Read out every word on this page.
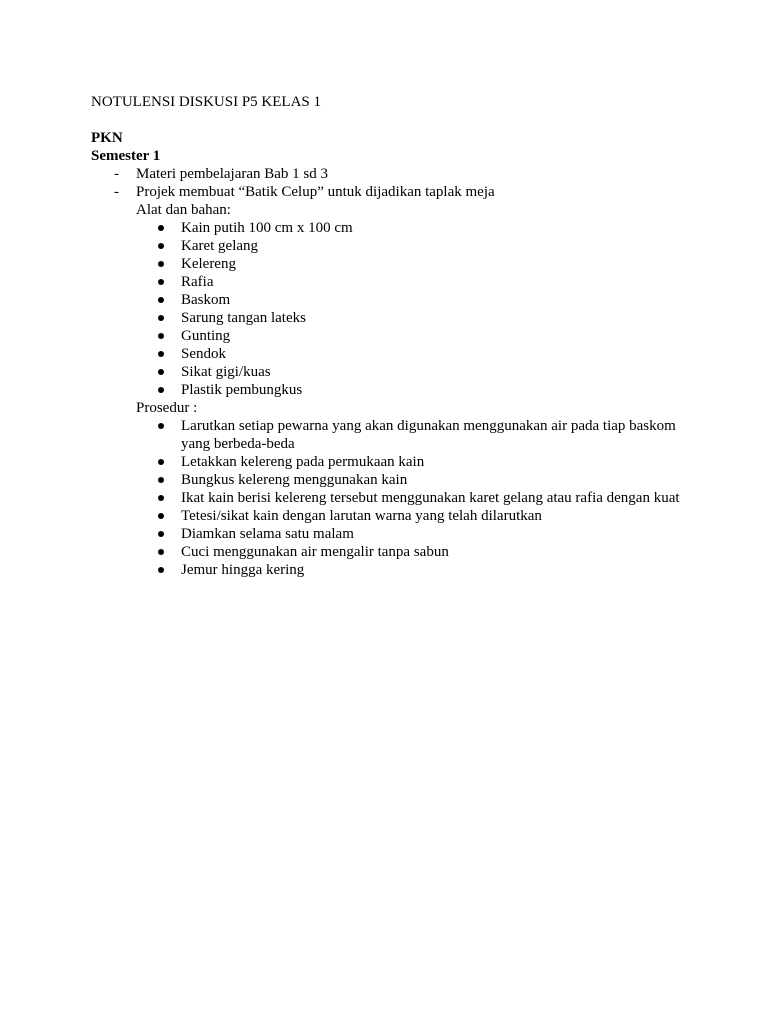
NOTULENSI DISKUSI P5 KELAS 1
PKN
Semester 1
- Materi pembelajaran Bab 1 sd 3
- Projek membuat “Batik Celup” untuk dijadikan taplak meja
Alat dan bahan:
Kain putih 100 cm x 100 cm
Karet gelang
Kelereng
Rafia
Baskom
Sarung tangan lateks
Gunting
Sendok
Sikat gigi/kuas
Plastik pembungkus
Prosedur :
Larutkan setiap pewarna yang akan digunakan menggunakan air pada tiap baskom yang berbeda-beda
Letakkan kelereng pada permukaan kain
Bungkus kelereng menggunakan kain
Ikat kain berisi kelereng tersebut menggunakan karet gelang atau rafia dengan kuat
Tetesi/sikat kain dengan larutan warna yang telah dilarutkan
Diamkan selama satu malam
Cuci menggunakan air mengalir tanpa sabun
Jemur hingga kering
